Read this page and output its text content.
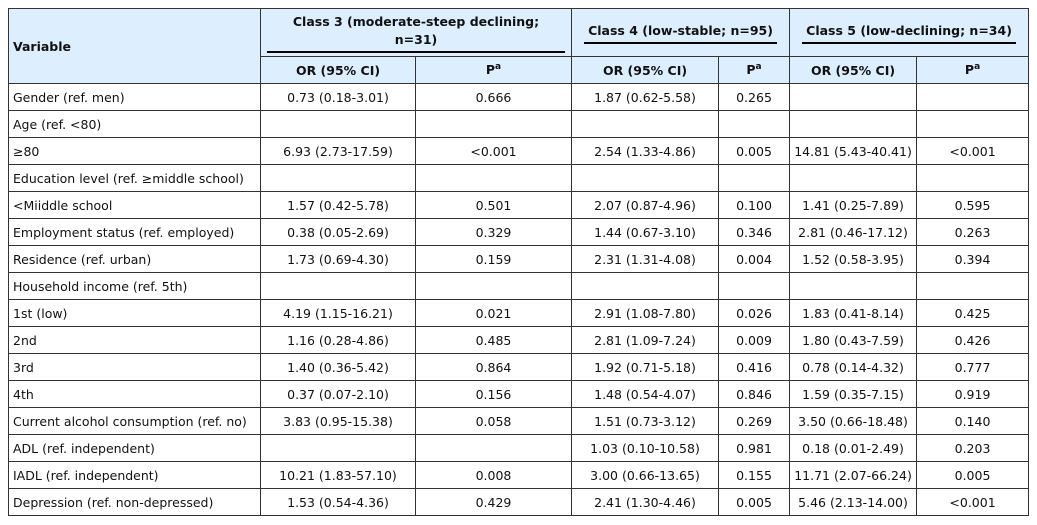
Variable	Class 3 (moderate-steep declining; n=31)		Class 4 (low-stable; n=95)		Class 5 (low-declining; n=34)	
	OR (95% CI)	$P^a$	OR (95% CI)	$P^a$	OR (95% CI)	$P^a$
Gender (ref. men)	0.73 (0.18-3.01)	0.666	1.87 (0.62-5.58)	0.265		
Age (ref. <80)						
≥80	6.93 (2.73-17.59)	<0.001	2.54 (1.33-4.86)	0.005	14.81 (5.43-40.41)	<0.001
Education level (ref. ≥middle school)						
<Miiddle school	1.57 (0.42-5.78)	0.501	2.07 (0.87-4.96)	0.100	1.41 (0.25-7.89)	0.595
Employment status (ref. employed)	0.38 (0.05-2.69)	0.329	1.44 (0.67-3.10)	0.346	2.81 (0.46-17.12)	0.263
Residence (ref. urban)	1.73 (0.69-4.30)	0.159	2.31 (1.31-4.08)	0.004	1.52 (0.58-3.95)	0.394
Household income (ref. 5th)						
1st (low)	4.19 (1.15-16.21)	0.021	2.91 (1.08-7.80)	0.026	1.83 (0.41-8.14)	0.425
2nd	1.16 (0.28-4.86)	0.485	2.81 (1.09-7.24)	0.009	1.80 (0.43-7.59)	0.426
3rd	1.40 (0.36-5.42)	0.864	1.92 (0.71-5.18)	0.416	0.78 (0.14-4.32)	0.777
4th	0.37 (0.07-2.10)	0.156	1.48 (0.54-4.07)	0.846	1.59 (0.35-7.15)	0.919
Current alcohol consumption (ref. no)	3.83 (0.95-15.38)	0.058	1.51 (0.73-3.12)	0.269	3.50 (0.66-18.48)	0.140
ADL (ref. independent)			1.03 (0.10-10.58)	0.981	0.18 (0.01-2.49)	0.203
IADL (ref. independent)	10.21 (1.83-57.10)	0.008	3.00 (0.66-13.65)	0.155	11.71 (2.07-66.24)	0.005
Depression (ref. non-depressed)	1.53 (0.54-4.36)	0.429	2.41 (1.30-4.46)	0.005	5.46 (2.13-14.00)	<0.001
